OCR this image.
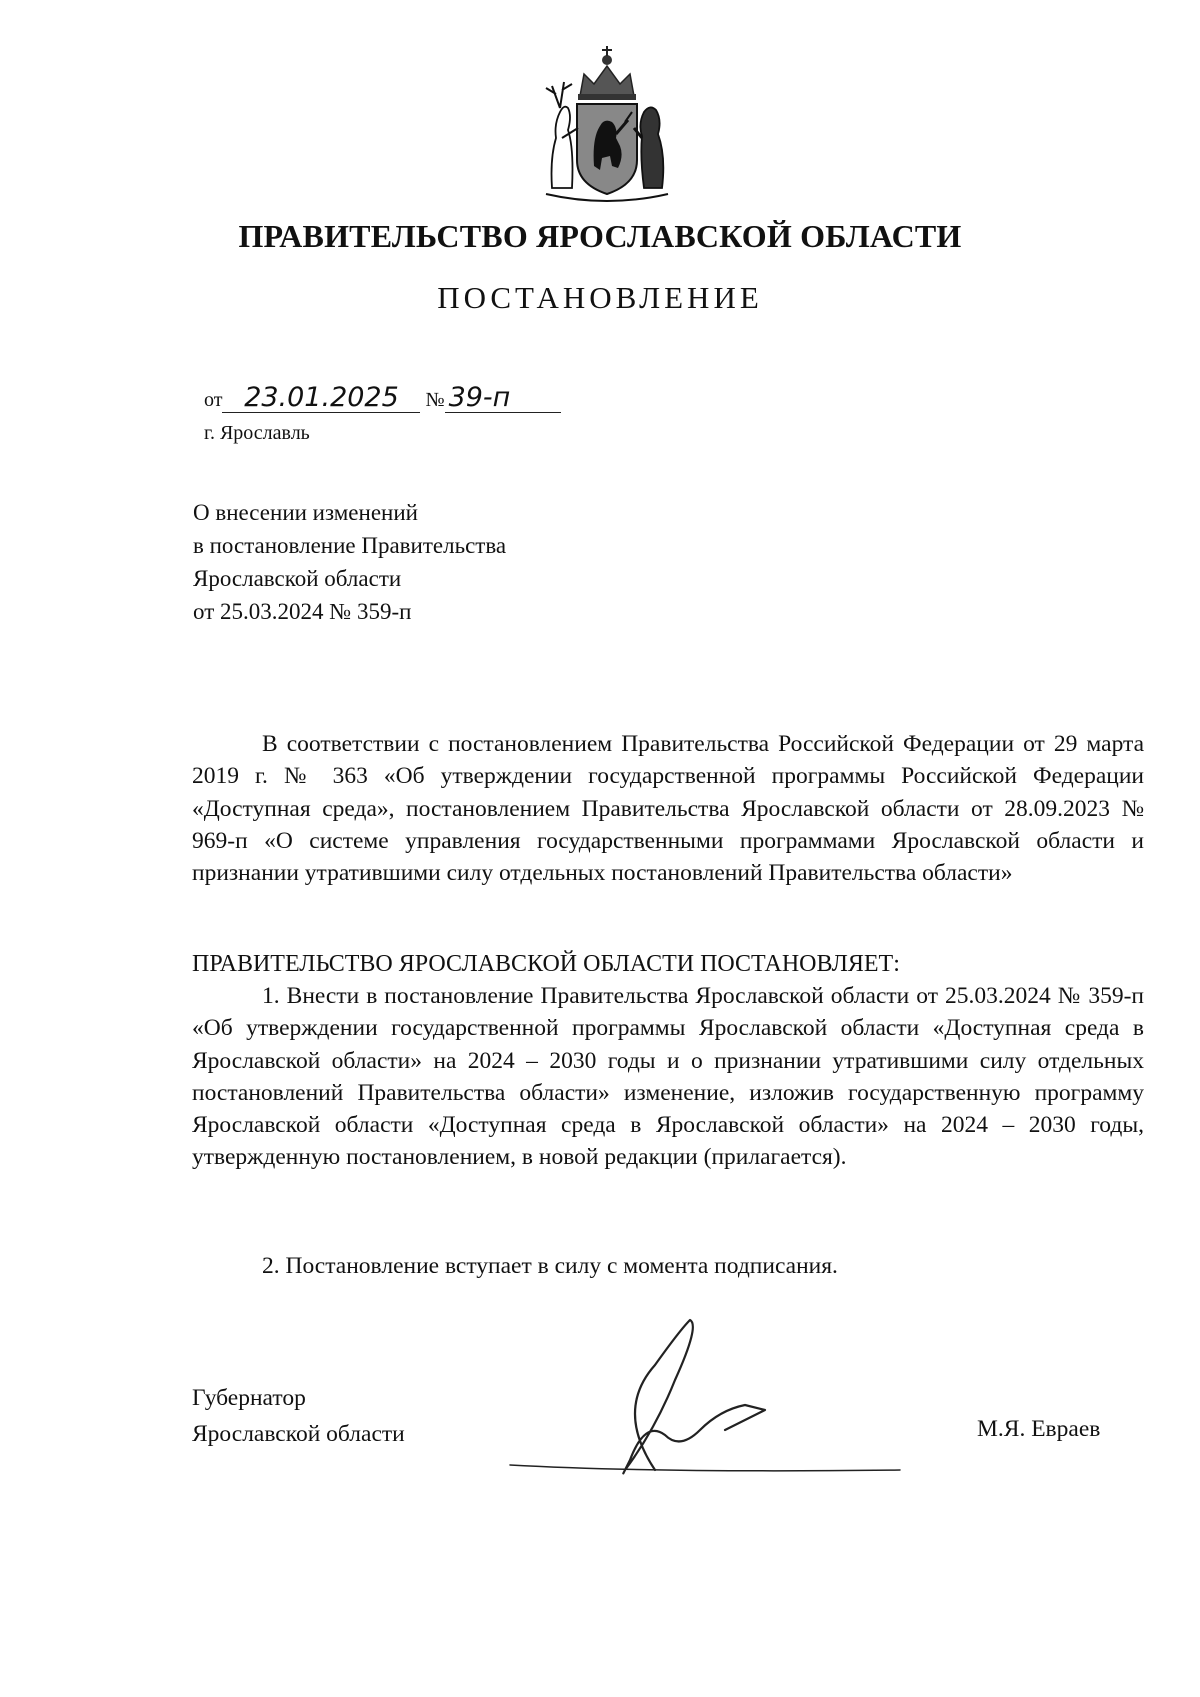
ПРАВИТЕЛЬСТВО ЯРОСЛАВСКОЙ ОБЛАСТИ
ПОСТАНОВЛЕНИЕ
от 23.01.2025 № 39-п
г. Ярославль
О внесении изменений
в постановление Правительства
Ярославской области
от 25.03.2024 № 359-п
В соответствии с постановлением Правительства Российской Федерации от 29 марта 2019 г. № 363 «Об утверждении государственной программы Российской Федерации «Доступная среда», постановлением Правительства Ярославской области от 28.09.2023 № 969-п «О системе управления государственными программами Ярославской области и признании утратившими силу отдельных постановлений Правительства области»
ПРАВИТЕЛЬСТВО ЯРОСЛАВСКОЙ ОБЛАСТИ ПОСТАНОВЛЯЕТ:
1. Внести в постановление Правительства Ярославской области от 25.03.2024 № 359-п «Об утверждении государственной программы Ярославской области «Доступная среда в Ярославской области» на 2024 – 2030 годы и о признании утратившими силу отдельных постановлений Правительства области» изменение, изложив государственную программу Ярославской области «Доступная среда в Ярославской области» на 2024 – 2030 годы, утвержденную постановлением, в новой редакции (прилагается).
2. Постановление вступает в силу с момента подписания.
Губернатор
Ярославской области	М.Я. Евраев
